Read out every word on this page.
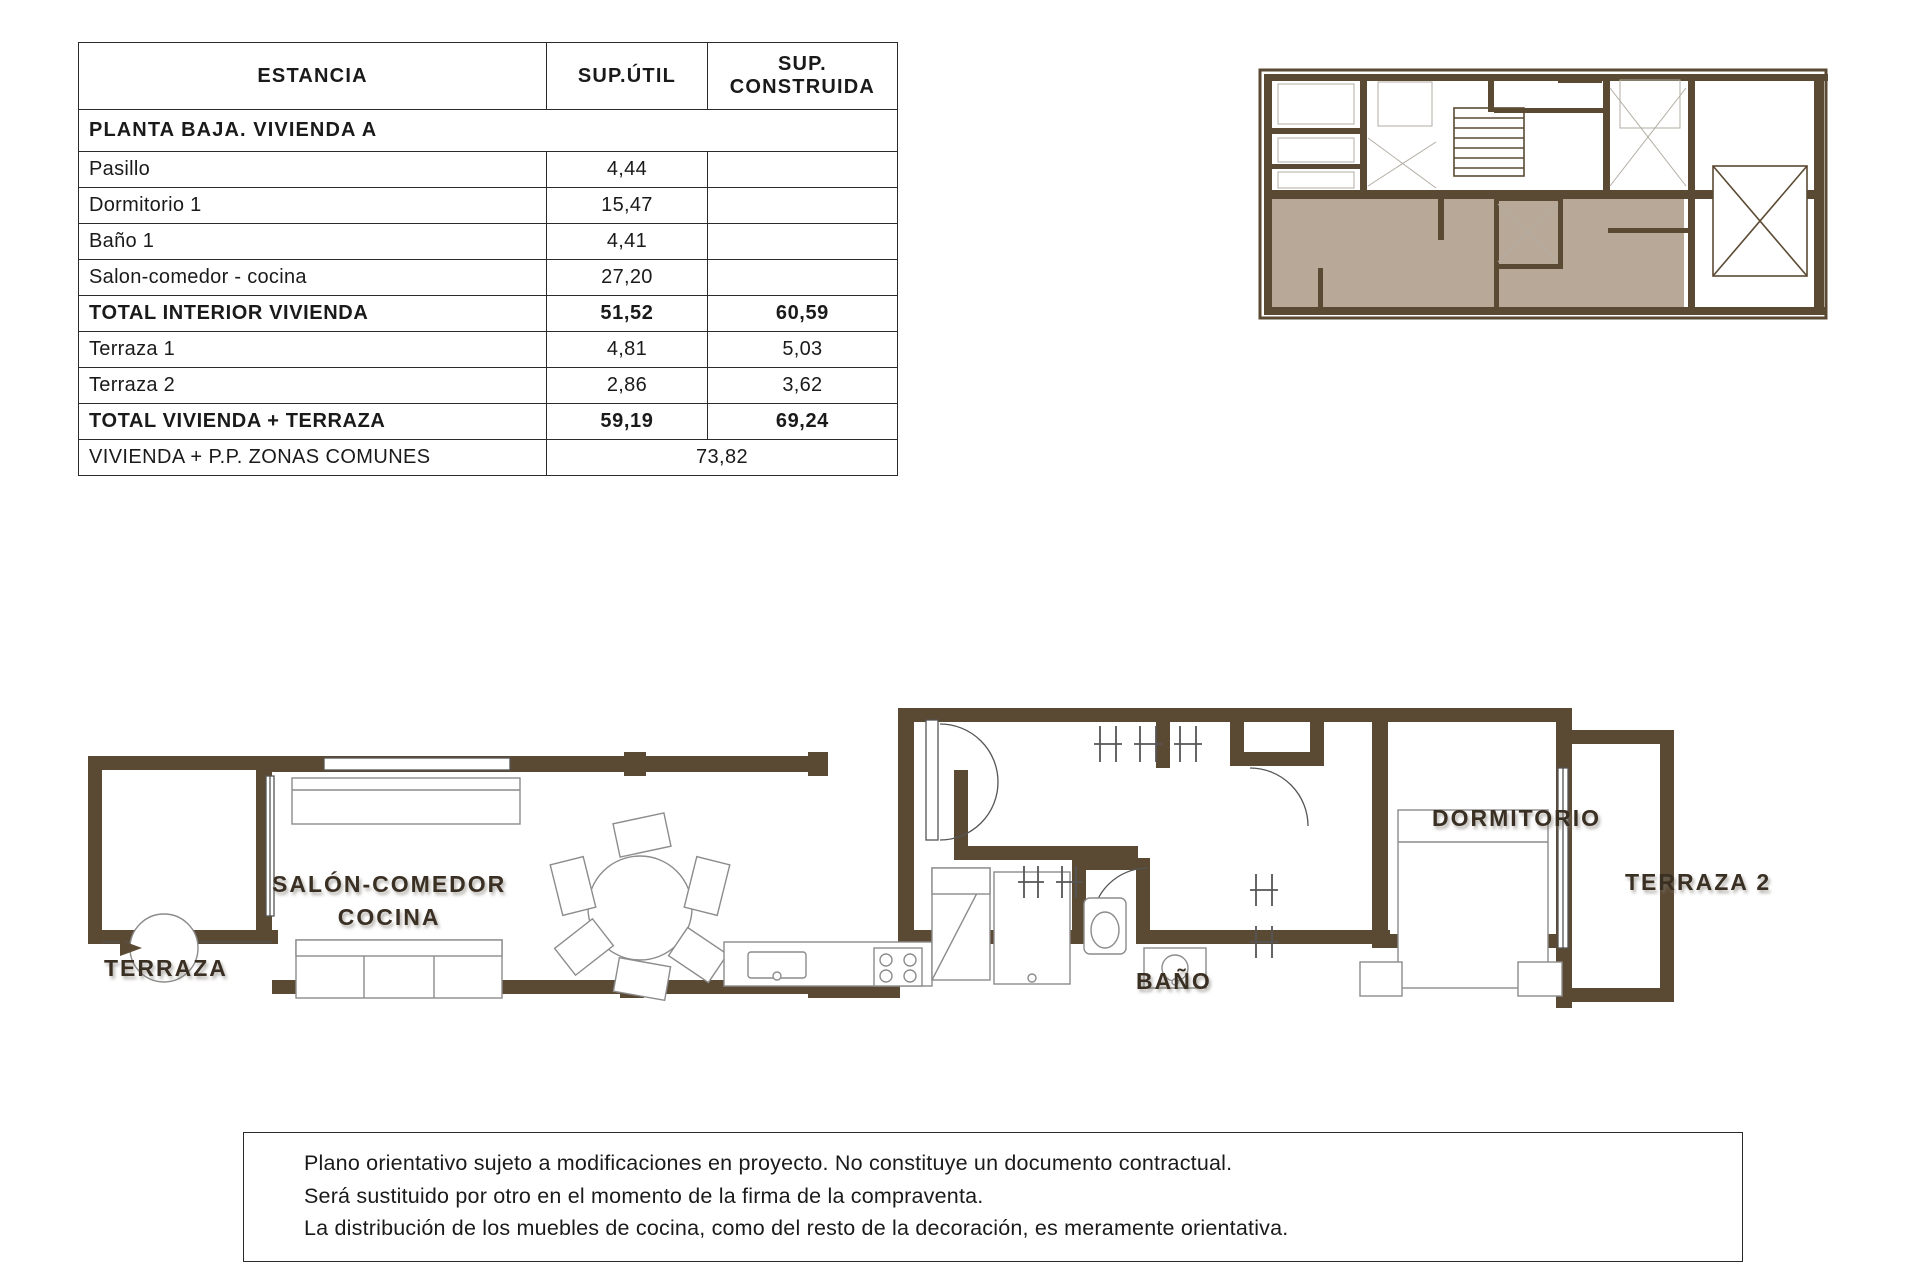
ESTANCIA	SUP.ÚTIL	SUP.
CONSTRUIDA
PLANTA BAJA. VIVIENDA A		
Pasillo	4,44	
Dormitorio 1	15,47	
Baño 1	4,41	
Salon-comedor - cocina	27,20	
TOTAL INTERIOR VIVIENDA	51,52	60,59
Terraza 1	4,81	5,03
Terraza 2	2,86	3,62
TOTAL VIVIENDA + TERRAZA	59,19	69,24
VIVIENDA + P.P. ZONAS COMUNES	73,82	
TERRAZA
SALÓN-COMEDOR
COCINA
DORMITORIO
TERRAZA 2
BAÑO
Plano orientativo sujeto a modificaciones en proyecto. No constituye un documento contractual.
Será sustituido por otro en el momento de la firma de la compraventa.
La distribución de los muebles de cocina, como del resto de la decoración, es meramente orientativa.
